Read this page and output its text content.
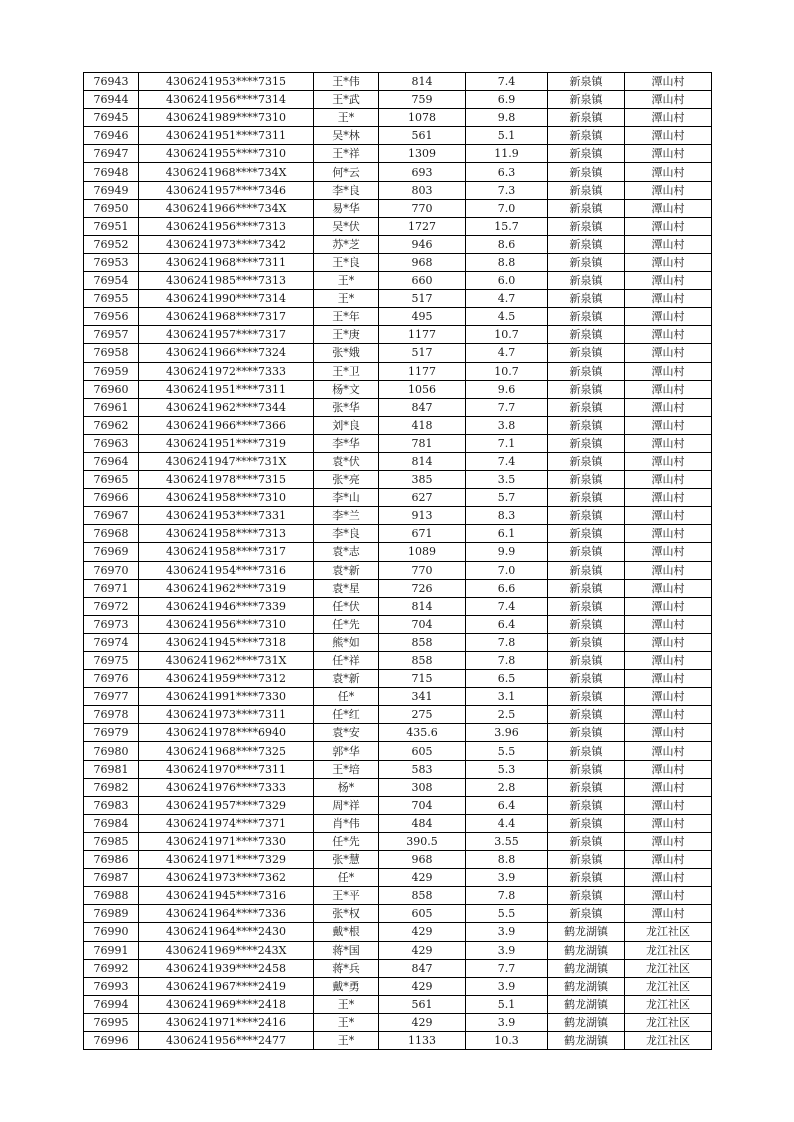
76943	4306241953****7315	王*伟	814	7.4	新泉镇	潭山村
76944	4306241956****7314	王*武	759	6.9	新泉镇	潭山村
76945	4306241989****7310	王*	1078	9.8	新泉镇	潭山村
76946	4306241951****7311	吴*林	561	5.1	新泉镇	潭山村
76947	4306241955****7310	王*祥	1309	11.9	新泉镇	潭山村
76948	4306241968****734X	何*云	693	6.3	新泉镇	潭山村
76949	4306241957****7346	李*良	803	7.3	新泉镇	潭山村
76950	4306241966****734X	易*华	770	7.0	新泉镇	潭山村
76951	4306241956****7313	吴*伏	1727	15.7	新泉镇	潭山村
76952	4306241973****7342	苏*芝	946	8.6	新泉镇	潭山村
76953	4306241968****7311	王*良	968	8.8	新泉镇	潭山村
76954	4306241985****7313	王*	660	6.0	新泉镇	潭山村
76955	4306241990****7314	王*	517	4.7	新泉镇	潭山村
76956	4306241968****7317	王*年	495	4.5	新泉镇	潭山村
76957	4306241957****7317	王*庚	1177	10.7	新泉镇	潭山村
76958	4306241966****7324	张*娥	517	4.7	新泉镇	潭山村
76959	4306241972****7333	王*卫	1177	10.7	新泉镇	潭山村
76960	4306241951****7311	杨*文	1056	9.6	新泉镇	潭山村
76961	4306241962****7344	张*华	847	7.7	新泉镇	潭山村
76962	4306241966****7366	刘*良	418	3.8	新泉镇	潭山村
76963	4306241951****7319	李*华	781	7.1	新泉镇	潭山村
76964	4306241947****731X	袁*伏	814	7.4	新泉镇	潭山村
76965	4306241978****7315	张*亮	385	3.5	新泉镇	潭山村
76966	4306241958****7310	李*山	627	5.7	新泉镇	潭山村
76967	4306241953****7331	李*兰	913	8.3	新泉镇	潭山村
76968	4306241958****7313	李*良	671	6.1	新泉镇	潭山村
76969	4306241958****7317	袁*志	1089	9.9	新泉镇	潭山村
76970	4306241954****7316	袁*新	770	7.0	新泉镇	潭山村
76971	4306241962****7319	袁*星	726	6.6	新泉镇	潭山村
76972	4306241946****7339	任*伏	814	7.4	新泉镇	潭山村
76973	4306241956****7310	任*先	704	6.4	新泉镇	潭山村
76974	4306241945****7318	熊*如	858	7.8	新泉镇	潭山村
76975	4306241962****731X	任*祥	858	7.8	新泉镇	潭山村
76976	4306241959****7312	袁*新	715	6.5	新泉镇	潭山村
76977	4306241991****7330	任*	341	3.1	新泉镇	潭山村
76978	4306241973****7311	任*红	275	2.5	新泉镇	潭山村
76979	4306241978****6940	袁*安	435.6	3.96	新泉镇	潭山村
76980	4306241968****7325	郭*华	605	5.5	新泉镇	潭山村
76981	4306241970****7311	王*培	583	5.3	新泉镇	潭山村
76982	4306241976****7333	杨*	308	2.8	新泉镇	潭山村
76983	4306241957****7329	周*祥	704	6.4	新泉镇	潭山村
76984	4306241974****7371	肖*伟	484	4.4	新泉镇	潭山村
76985	4306241971****7330	任*先	390.5	3.55	新泉镇	潭山村
76986	4306241971****7329	张*慧	968	8.8	新泉镇	潭山村
76987	4306241973****7362	任*	429	3.9	新泉镇	潭山村
76988	4306241945****7316	王*平	858	7.8	新泉镇	潭山村
76989	4306241964****7336	张*权	605	5.5	新泉镇	潭山村
76990	4306241964****2430	戴*根	429	3.9	鹤龙湖镇	龙江社区
76991	4306241969****243X	蒋*国	429	3.9	鹤龙湖镇	龙江社区
76992	4306241939****2458	蒋*兵	847	7.7	鹤龙湖镇	龙江社区
76993	4306241967****2419	戴*勇	429	3.9	鹤龙湖镇	龙江社区
76994	4306241969****2418	王*	561	5.1	鹤龙湖镇	龙江社区
76995	4306241971****2416	王*	429	3.9	鹤龙湖镇	龙江社区
76996	4306241956****2477	王*	1133	10.3	鹤龙湖镇	龙江社区
